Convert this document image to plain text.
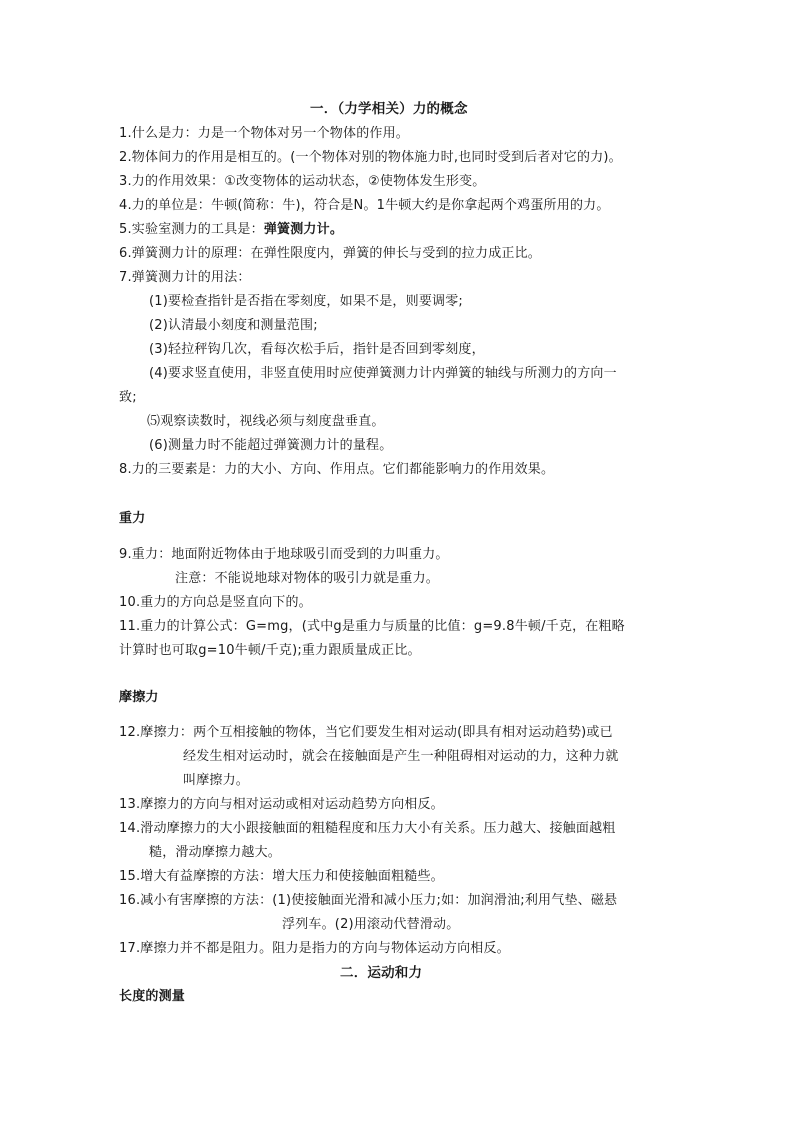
一．（力学相关）力的概念
1.什么是力：力是一个物体对另一个物体的作用。
2.物体间力的作用是相互的。(一个物体对别的物体施力时,也同时受到后者对它的力)。
3.力的作用效果：①改变物体的运动状态，②使物体发生形变。
4.力的单位是：牛顿(简称：牛)，符合是N。1牛顿大约是你拿起两个鸡蛋所用的力。
5.实验室测力的工具是：弹簧测力计。
6.弹簧测力计的原理：在弹性限度内，弹簧的伸长与受到的拉力成正比。
7.弹簧测力计的用法：
(1)要检查指针是否指在零刻度，如果不是，则要调零;
(2)认清最小刻度和测量范围;
(3)轻拉秤钩几次，看每次松手后，指针是否回到零刻度，
(4)要求竖直使用，非竖直使用时应使弹簧测力计内弹簧的轴线与所测力的方向一
致;
⑸观察读数时，视线必须与刻度盘垂直。
(6)测量力时不能超过弹簧测力计的量程。
8.力的三要素是：力的大小、方向、作用点。它们都能影响力的作用效果。
重力
9.重力：地面附近物体由于地球吸引而受到的力叫重力。
注意：不能说地球对物体的吸引力就是重力。
10.重力的方向总是竖直向下的。
11.重力的计算公式：G=mg，(式中g是重力与质量的比值：g=9.8牛顿/千克，在粗略
计算时也可取g=10牛顿/千克);重力跟质量成正比。
摩擦力
12.摩擦力：两个互相接触的物体，当它们要发生相对运动(即具有相对运动趋势)或已
经发生相对运动时，就会在接触面是产生一种阻碍相对运动的力，这种力就
叫摩擦力。
13.摩擦力的方向与相对运动或相对运动趋势方向相反。
14.滑动摩擦力的大小跟接触面的粗糙程度和压力大小有关系。压力越大、接触面越粗
糙，滑动摩擦力越大。
15.增大有益摩擦的方法：增大压力和使接触面粗糙些。
16.减小有害摩擦的方法：(1)使接触面光滑和减小压力;如：加润滑油;利用气垫、磁悬
浮列车。(2)用滚动代替滑动。
17.摩擦力并不都是阻力。阻力是指力的方向与物体运动方向相反。
二．运动和力
长度的测量
